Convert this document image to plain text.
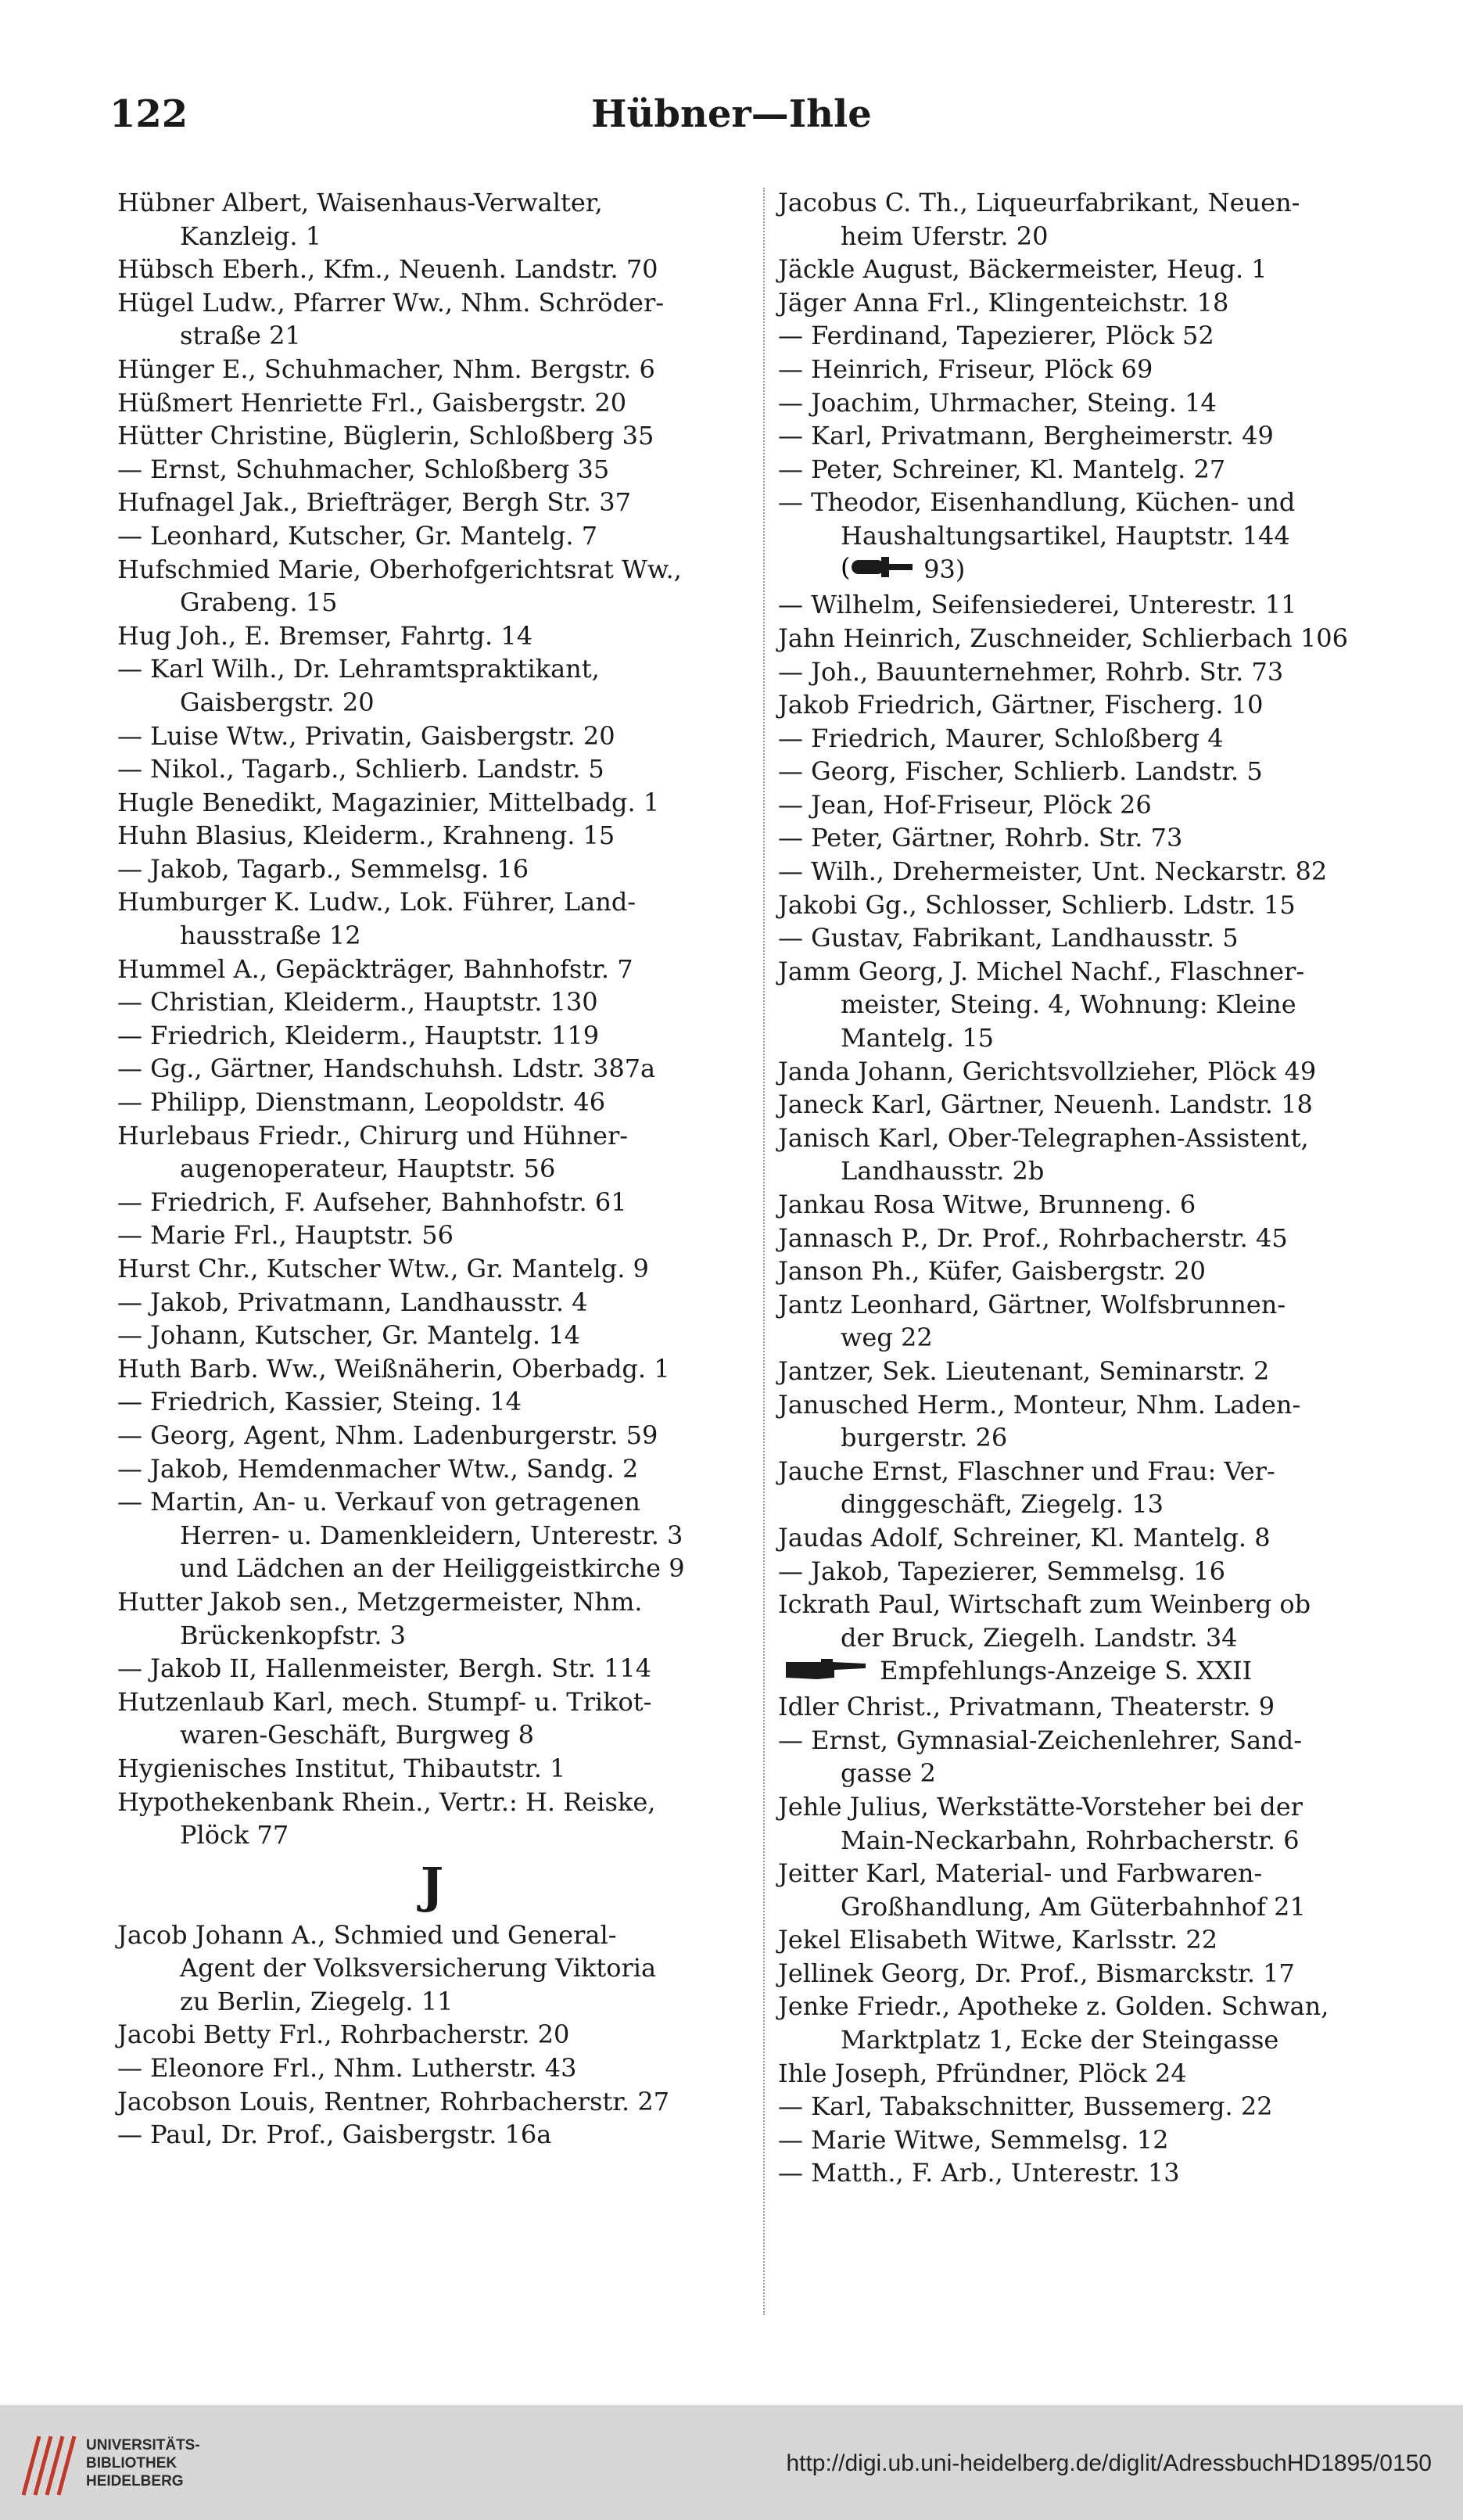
122	Hübner—Ihle
Hübner Albert, Waisenhaus-Verwalter,
Kanzleig. 1
Hübsch Eberh., Kfm., Neuenh. Landstr. 70
Hügel Ludw., Pfarrer Ww., Nhm. Schröder-
straße 21
Hünger E., Schuhmacher, Nhm. Bergstr. 6
Hüßmert Henriette Frl., Gaisbergstr. 20
Hütter Christine, Büglerin, Schloßberg 35
— Ernst, Schuhmacher, Schloßberg 35
Hufnagel Jak., Briefträger, Bergh Str. 37
— Leonhard, Kutscher, Gr. Mantelg. 7
Hufschmied Marie, Oberhofgerichtsrat Ww.,
Grabeng. 15
Hug Joh., E. Bremser, Fahrtg. 14
— Karl Wilh., Dr. Lehramtspraktikant,
Gaisbergstr. 20
— Luise Wtw., Privatin, Gaisbergstr. 20
— Nikol., Tagarb., Schlierb. Landstr. 5
Hugle Benedikt, Magazinier, Mittelbadg. 1
Huhn Blasius, Kleiderm., Krahneng. 15
— Jakob, Tagarb., Semmelsg. 16
Humburger K. Ludw., Lok. Führer, Land-
hausstraße 12
Hummel A., Gepäckträger, Bahnhofstr. 7
— Christian, Kleiderm., Hauptstr. 130
— Friedrich, Kleiderm., Hauptstr. 119
— Gg., Gärtner, Handschuhsh. Ldstr. 387a
— Philipp, Dienstmann, Leopoldstr. 46
Hurlebaus Friedr., Chirurg und Hühner-
augenoperateur, Hauptstr. 56
— Friedrich, F. Aufseher, Bahnhofstr. 61
— Marie Frl., Hauptstr. 56
Hurst Chr., Kutscher Wtw., Gr. Mantelg. 9
— Jakob, Privatmann, Landhausstr. 4
— Johann, Kutscher, Gr. Mantelg. 14
Huth Barb. Ww., Weißnäherin, Oberbadg. 1
— Friedrich, Kassier, Steing. 14
— Georg, Agent, Nhm. Ladenburgerstr. 59
— Jakob, Hemdenmacher Wtw., Sandg. 2
— Martin, An- u. Verkauf von getragenen
Herren- u. Damenkleidern, Unterestr. 3
und Lädchen an der Heiliggeistkirche 9
Hutter Jakob sen., Metzgermeister, Nhm.
Brückenkopfstr. 3
— Jakob II, Hallenmeister, Bergh. Str. 114
Hutzenlaub Karl, mech. Stumpf- u. Trikot-
waren-Geschäft, Burgweg 8
Hygienisches Institut, Thibautstr. 1
Hypothekenbank Rhein., Vertr.: H. Reiske,
Plöck 77
J
Jacob Johann A., Schmied und General-
Agent der Volksversicherung Viktoria
zu Berlin, Ziegelg. 11
Jacobi Betty Frl., Rohrbacherstr. 20
— Eleonore Frl., Nhm. Lutherstr. 43
Jacobson Louis, Rentner, Rohrbacherstr. 27
— Paul, Dr. Prof., Gaisbergstr. 16a
Jacobus C. Th., Liqueurfabrikant, Neuen-
heim Uferstr. 20
Jäckle August, Bäckermeister, Heug. 1
Jäger Anna Frl., Klingenteichstr. 18
— Ferdinand, Tapezierer, Plöck 52
— Heinrich, Friseur, Plöck 69
— Joachim, Uhrmacher, Steing. 14
— Karl, Privatmann, Bergheimerstr. 49
— Peter, Schreiner, Kl. Mantelg. 27
— Theodor, Eisenhandlung, Küchen- und
Haushaltungsartikel, Hauptstr. 144
(	93)
— Wilhelm, Seifensiederei, Unterestr. 11
Jahn Heinrich, Zuschneider, Schlierbach 106
— Joh., Bauunternehmer, Rohrb. Str. 73
Jakob Friedrich, Gärtner, Fischerg. 10
— Friedrich, Maurer, Schloßberg 4
— Georg, Fischer, Schlierb. Landstr. 5
— Jean, Hof-Friseur, Plöck 26
— Peter, Gärtner, Rohrb. Str. 73
— Wilh., Drehermeister, Unt. Neckarstr. 82
Jakobi Gg., Schlosser, Schlierb. Ldstr. 15
— Gustav, Fabrikant, Landhausstr. 5
Jamm Georg, J. Michel Nachf., Flaschner-
meister, Steing. 4, Wohnung: Kleine
Mantelg. 15
Janda Johann, Gerichtsvollzieher, Plöck 49
Janeck Karl, Gärtner, Neuenh. Landstr. 18
Janisch Karl, Ober-Telegraphen-Assistent,
Landhausstr. 2b
Jankau Rosa Witwe, Brunneng. 6
Jannasch P., Dr. Prof., Rohrbacherstr. 45
Janson Ph., Küfer, Gaisbergstr. 20
Jantz Leonhard, Gärtner, Wolfsbrunnen-
weg 22
Jantzer, Sek. Lieutenant, Seminarstr. 2
Janusched Herm., Monteur, Nhm. Laden-
burgerstr. 26
Jauche Ernst, Flaschner und Frau: Ver-
dinggeschäft, Ziegelg. 13
Jaudas Adolf, Schreiner, Kl. Mantelg. 8
— Jakob, Tapezierer, Semmelsg. 16
Ickrath Paul, Wirtschaft zum Weinberg ob
der Bruck, Ziegelh. Landstr. 34
Empfehlungs-Anzeige S. XXII
Idler Christ., Privatmann, Theaterstr. 9
— Ernst, Gymnasial-Zeichenlehrer, Sand-
gasse 2
Jehle Julius, Werkstätte-Vorsteher bei der
Main-Neckarbahn, Rohrbacherstr. 6
Jeitter Karl, Material- und Farbwaren-
Großhandlung, Am Güterbahnhof 21
Jekel Elisabeth Witwe, Karlsstr. 22
Jellinek Georg, Dr. Prof., Bismarckstr. 17
Jenke Friedr., Apotheke z. Golden. Schwan,
Marktplatz 1, Ecke der Steingasse
Ihle Joseph, Pfründner, Plöck 24
— Karl, Tabakschnitter, Bussemerg. 22
— Marie Witwe, Semmelsg. 12
— Matth., F. Arb., Unterestr. 13
UNIVERSITÄTS-
BIBLIOTHEK
HEIDELBERG
http://digi.ub.uni-heidelberg.de/diglit/AdressbuchHD1895/0150
